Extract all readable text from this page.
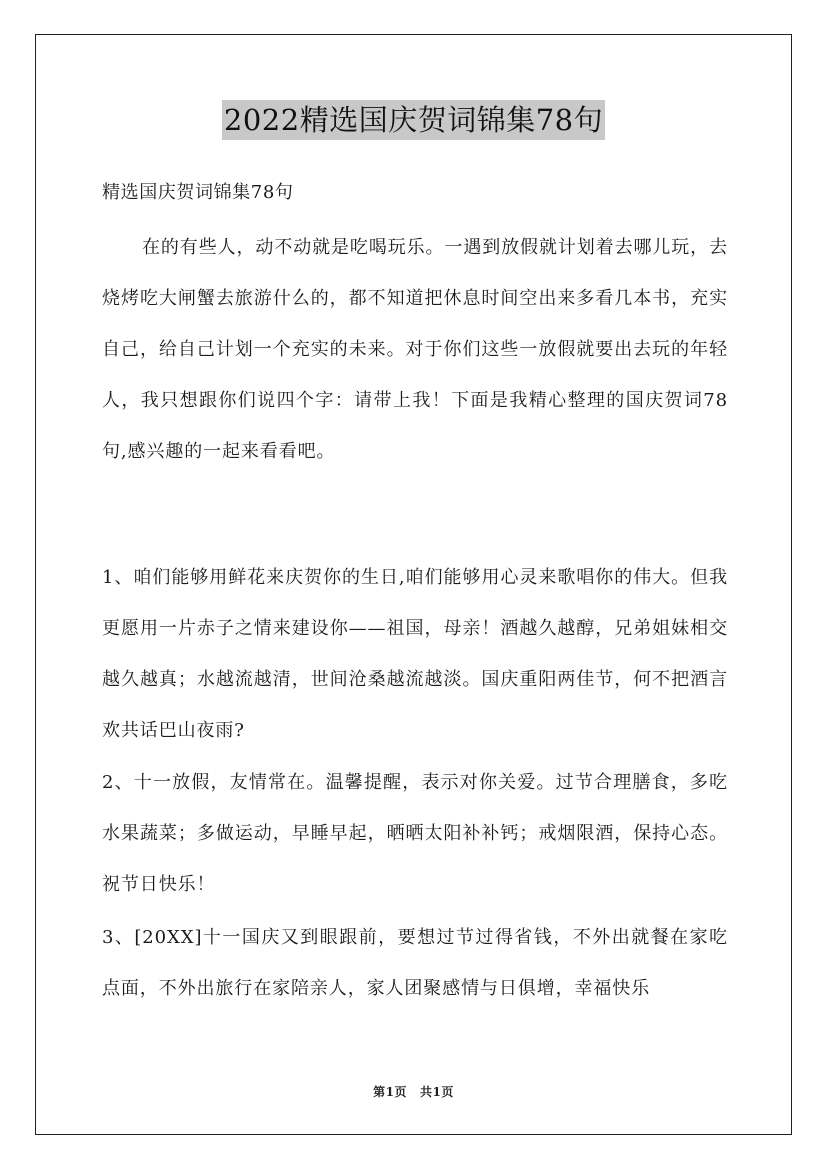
2022精选国庆贺词锦集78句
精选国庆贺词锦集78句

在的有些人，动不动就是吃喝玩乐。一遇到放假就计划着去哪儿玩，去烧烤吃大闸蟹去旅游什么的，都不知道把休息时间空出来多看几本书，充实自己，给自己计划一个充实的未来。对于你们这些一放假就要出去玩的年轻人，我只想跟你们说四个字：请带上我！下面是我精心整理的国庆贺词78句,感兴趣的一起来看看吧。

1、咱们能够用鲜花来庆贺你的生日,咱们能够用心灵来歌唱你的伟大。但我更愿用一片赤子之情来建设你——祖国，母亲！酒越久越醇，兄弟姐妹相交越久越真；水越流越清，世间沧桑越流越淡。国庆重阳两佳节，何不把酒言欢共话巴山夜雨?

2、十一放假，友情常在。温馨提醒，表示对你关爱。过节合理膳食，多吃水果蔬菜；多做运动，早睡早起，晒晒太阳补补钙；戒烟限酒，保持心态。祝节日快乐！

3、[20XX]十一国庆又到眼跟前，要想过节过得省钱，不外出就餐在家吃点面，不外出旅行在家陪亲人，家人团聚感情与日俱增，幸福快乐

第1页 共1页
